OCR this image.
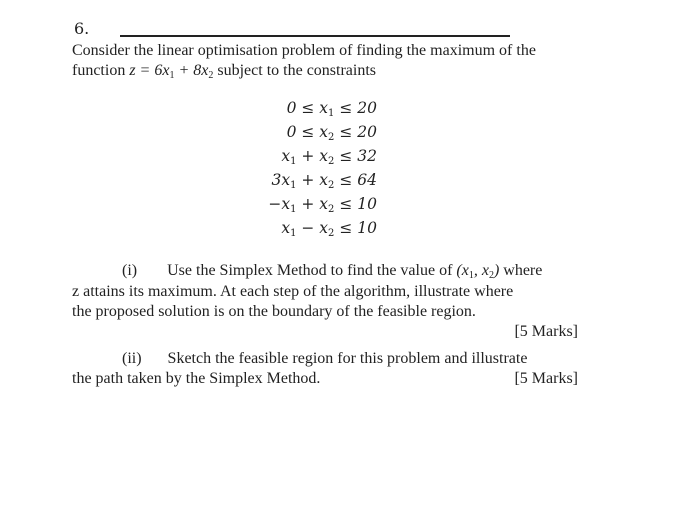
6.
Consider the linear optimisation problem of finding the maximum of the
function $z = 6x_1 + 8x_2$ subject to the constraints
$0 \le x_1 \le 20$
$0 \le x_2 \le 20$
$x_1 + x_2 \le 32$
$3x_1 + x_2 \le 64$
$-x_1 + x_2 \le 10$
$x_1 - x_2 \le 10$
(i) Use the Simplex Method to find the value of ($x_1$, $x_2$) where
z attains its maximum. At each step of the algorithm, illustrate where
the proposed solution is on the boundary of the feasible region.
[5 Marks]
(ii) Sketch the feasible region for this problem and illustrate
the path taken by the Simplex Method.	[5 Marks]
